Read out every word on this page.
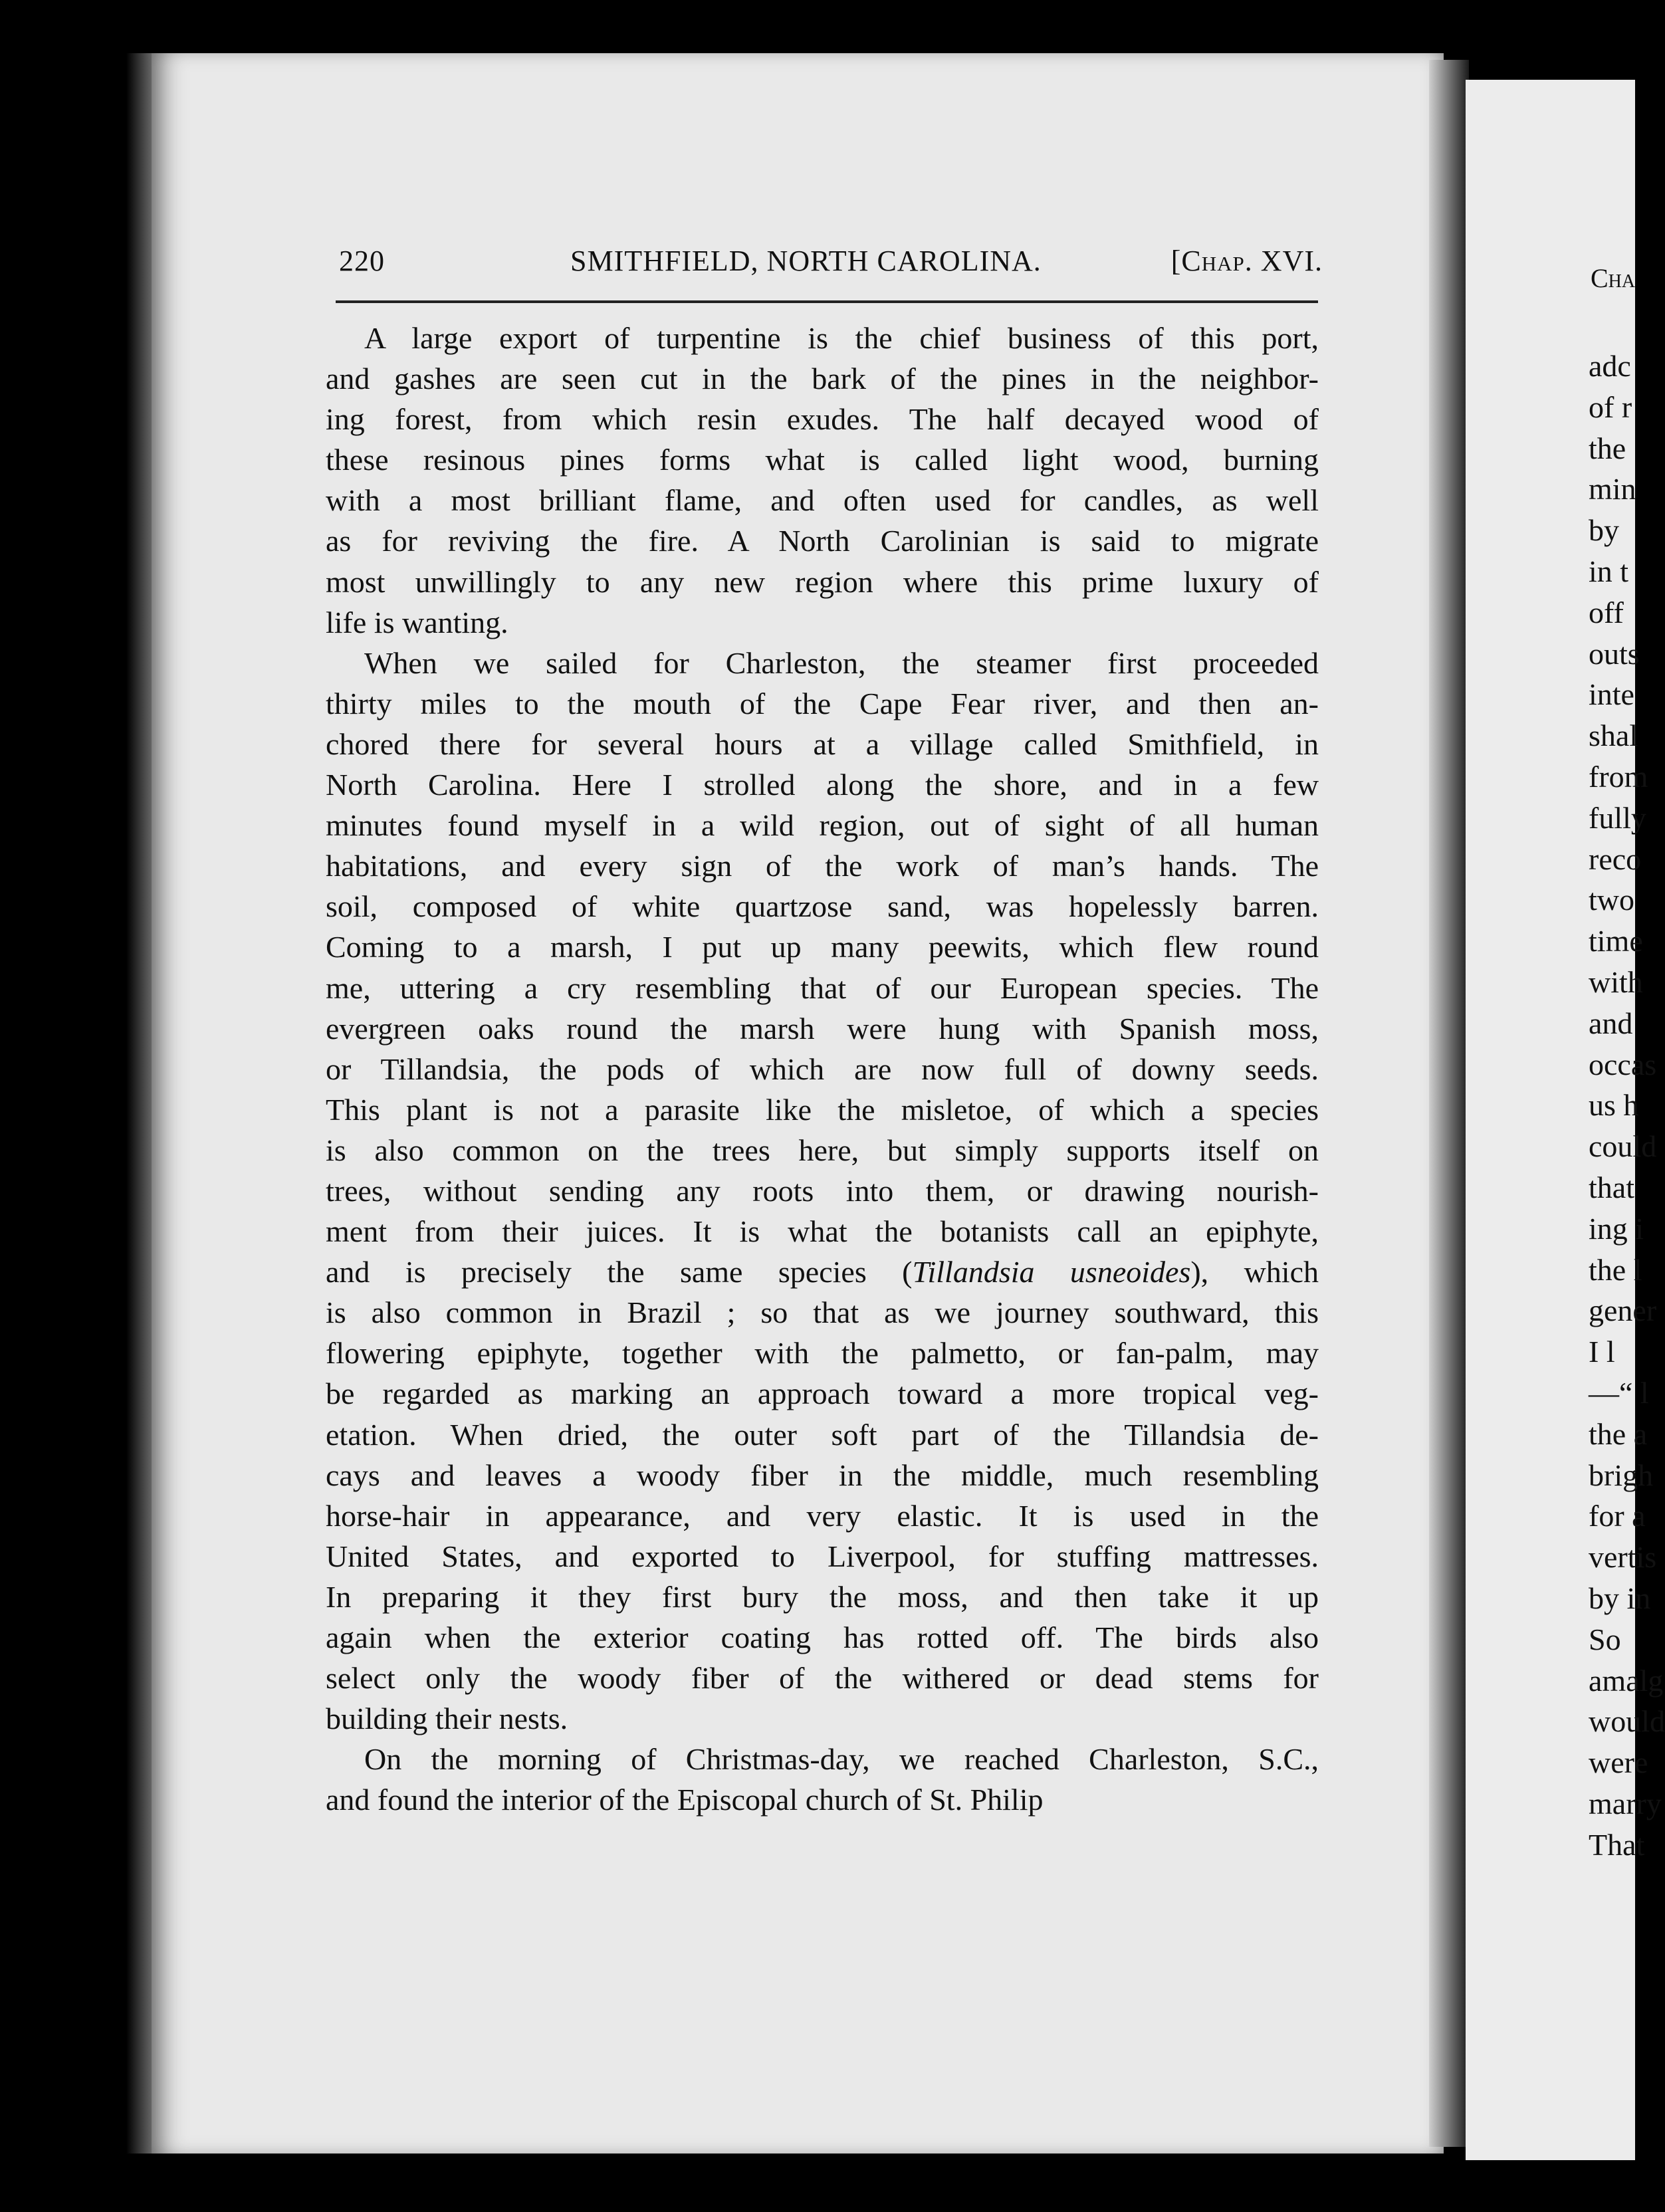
220	SMITHFIELD, NORTH CAROLINA.	[Chap. XVI.

A large export of turpentine is the chief business of this port,
and gashes are seen cut in the bark of the pines in the neighbor-
ing forest, from which resin exudes. The half decayed wood of
these resinous pines forms what is called light wood, burning
with a most brilliant flame, and often used for candles, as well
as for reviving the fire. A North Carolinian is said to migrate
most unwillingly to any new region where this prime luxury of
life is wanting.

When we sailed for Charleston, the steamer first proceeded
thirty miles to the mouth of the Cape Fear river, and then an-
chored there for several hours at a village called Smithfield, in
North Carolina. Here I strolled along the shore, and in a few
minutes found myself in a wild region, out of sight of all human
habitations, and every sign of the work of man’s hands. The
soil, composed of white quartzose sand, was hopelessly barren.
Coming to a marsh, I put up many peewits, which flew round
me, uttering a cry resembling that of our European species. The
evergreen oaks round the marsh were hung with Spanish moss,
or Tillandsia, the pods of which are now full of downy seeds.
This plant is not a parasite like the misletoe, of which a species
is also common on the trees here, but simply supports itself on
trees, without sending any roots into them, or drawing nourish-
ment from their juices. It is what the botanists call an epiphyte,
and is precisely the same species (Tillandsia usneoides), which
is also common in Brazil ; so that as we journey southward, this
flowering epiphyte, together with the palmetto, or fan-palm, may
be regarded as marking an approach toward a more tropical veg-
etation. When dried, the outer soft part of the Tillandsia de-
cays and leaves a woody fiber in the middle, much resembling
horse-hair in appearance, and very elastic. It is used in the
United States, and exported to Liverpool, for stuffing mattresses.
In preparing it they first bury the moss, and then take it up
again when the exterior coating has rotted off. The birds also
select only the woody fiber of the withered or dead stems for
building their nests.

On the morning of Christmas-day, we reached Charleston, S.C.,
and found the interior of the Episcopal church of St. Philip

Cha
adc
of r
the
min
by
in t
off
outs
inte
shal
from
fully
reco
two
time
with
and
occas
us h
could
that
ing i
the l
gener
I l
—“ l
the a
brigh
for a
vertis
by in
So
amalg
would
were
marry
That
